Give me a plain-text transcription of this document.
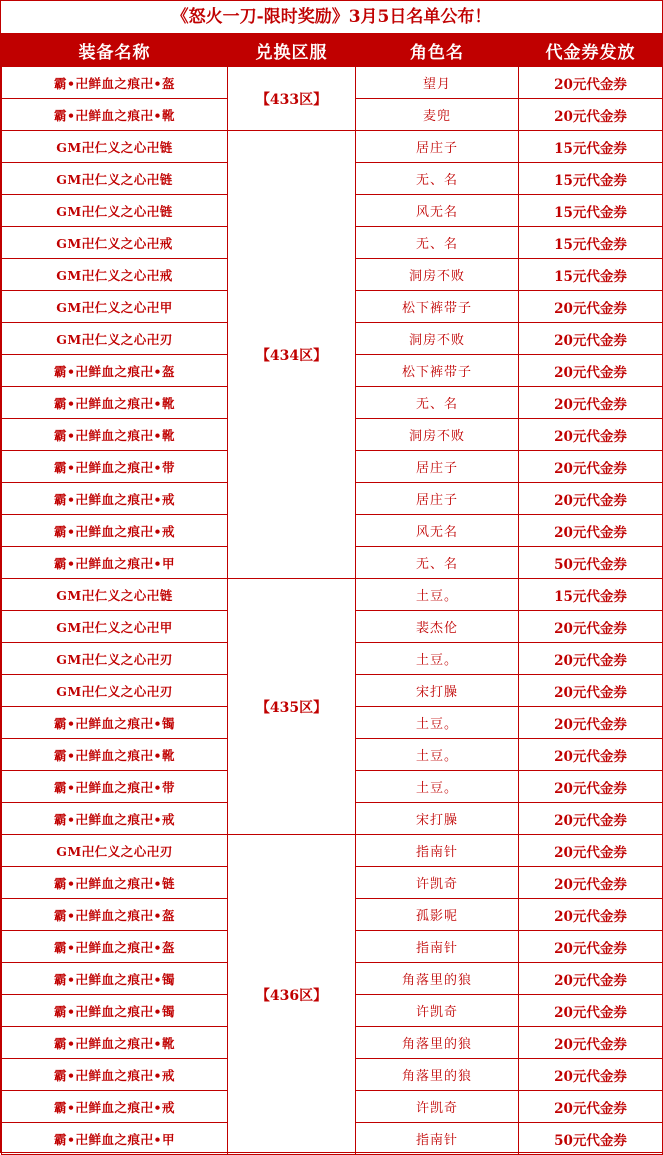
《怒火一刀-限时奖励》3月5日名单公布！
装备名称	兑换区服	角色名	代金券发放
霸•卍鲜血之痕卍•盔	【433区】	望月	20元代金券
霸•卍鲜血之痕卍•靴		麦兜	20元代金券
GM卍仁义之心卍链	【434区】	居庄子	15元代金券
GM卍仁义之心卍链		无、名	15元代金券
GM卍仁义之心卍链		风无名	15元代金券
GM卍仁义之心卍戒		无、名	15元代金券
GM卍仁义之心卍戒		洞房不败	15元代金券
GM卍仁义之心卍甲		松下裤带子	20元代金券
GM卍仁义之心卍刃		洞房不败	20元代金券
霸•卍鲜血之痕卍•盔		松下裤带子	20元代金券
霸•卍鲜血之痕卍•靴		无、名	20元代金券
霸•卍鲜血之痕卍•靴		洞房不败	20元代金券
霸•卍鲜血之痕卍•带		居庄子	20元代金券
霸•卍鲜血之痕卍•戒		居庄子	20元代金券
霸•卍鲜血之痕卍•戒		风无名	20元代金券
霸•卍鲜血之痕卍•甲		无、名	50元代金券
GM卍仁义之心卍链	【435区】	土豆。	15元代金券
GM卍仁义之心卍甲		裴杰伦	20元代金券
GM卍仁义之心卍刃		土豆。	20元代金券
GM卍仁义之心卍刃		宋打臊	20元代金券
霸•卍鲜血之痕卍•镯		土豆。	20元代金券
霸•卍鲜血之痕卍•靴		土豆。	20元代金券
霸•卍鲜血之痕卍•带		土豆。	20元代金券
霸•卍鲜血之痕卍•戒		宋打臊	20元代金券
GM卍仁义之心卍刃	【436区】	指南针	20元代金券
霸•卍鲜血之痕卍•链		许凯奇	20元代金券
霸•卍鲜血之痕卍•盔		孤影呢	20元代金券
霸•卍鲜血之痕卍•盔		指南针	20元代金券
霸•卍鲜血之痕卍•镯		角落里的狼	20元代金券
霸•卍鲜血之痕卍•镯		许凯奇	20元代金券
霸•卍鲜血之痕卍•靴		角落里的狼	20元代金券
霸•卍鲜血之痕卍•戒		角落里的狼	20元代金券
霸•卍鲜血之痕卍•戒		许凯奇	20元代金券
霸•卍鲜血之痕卍•甲		指南针	50元代金券
